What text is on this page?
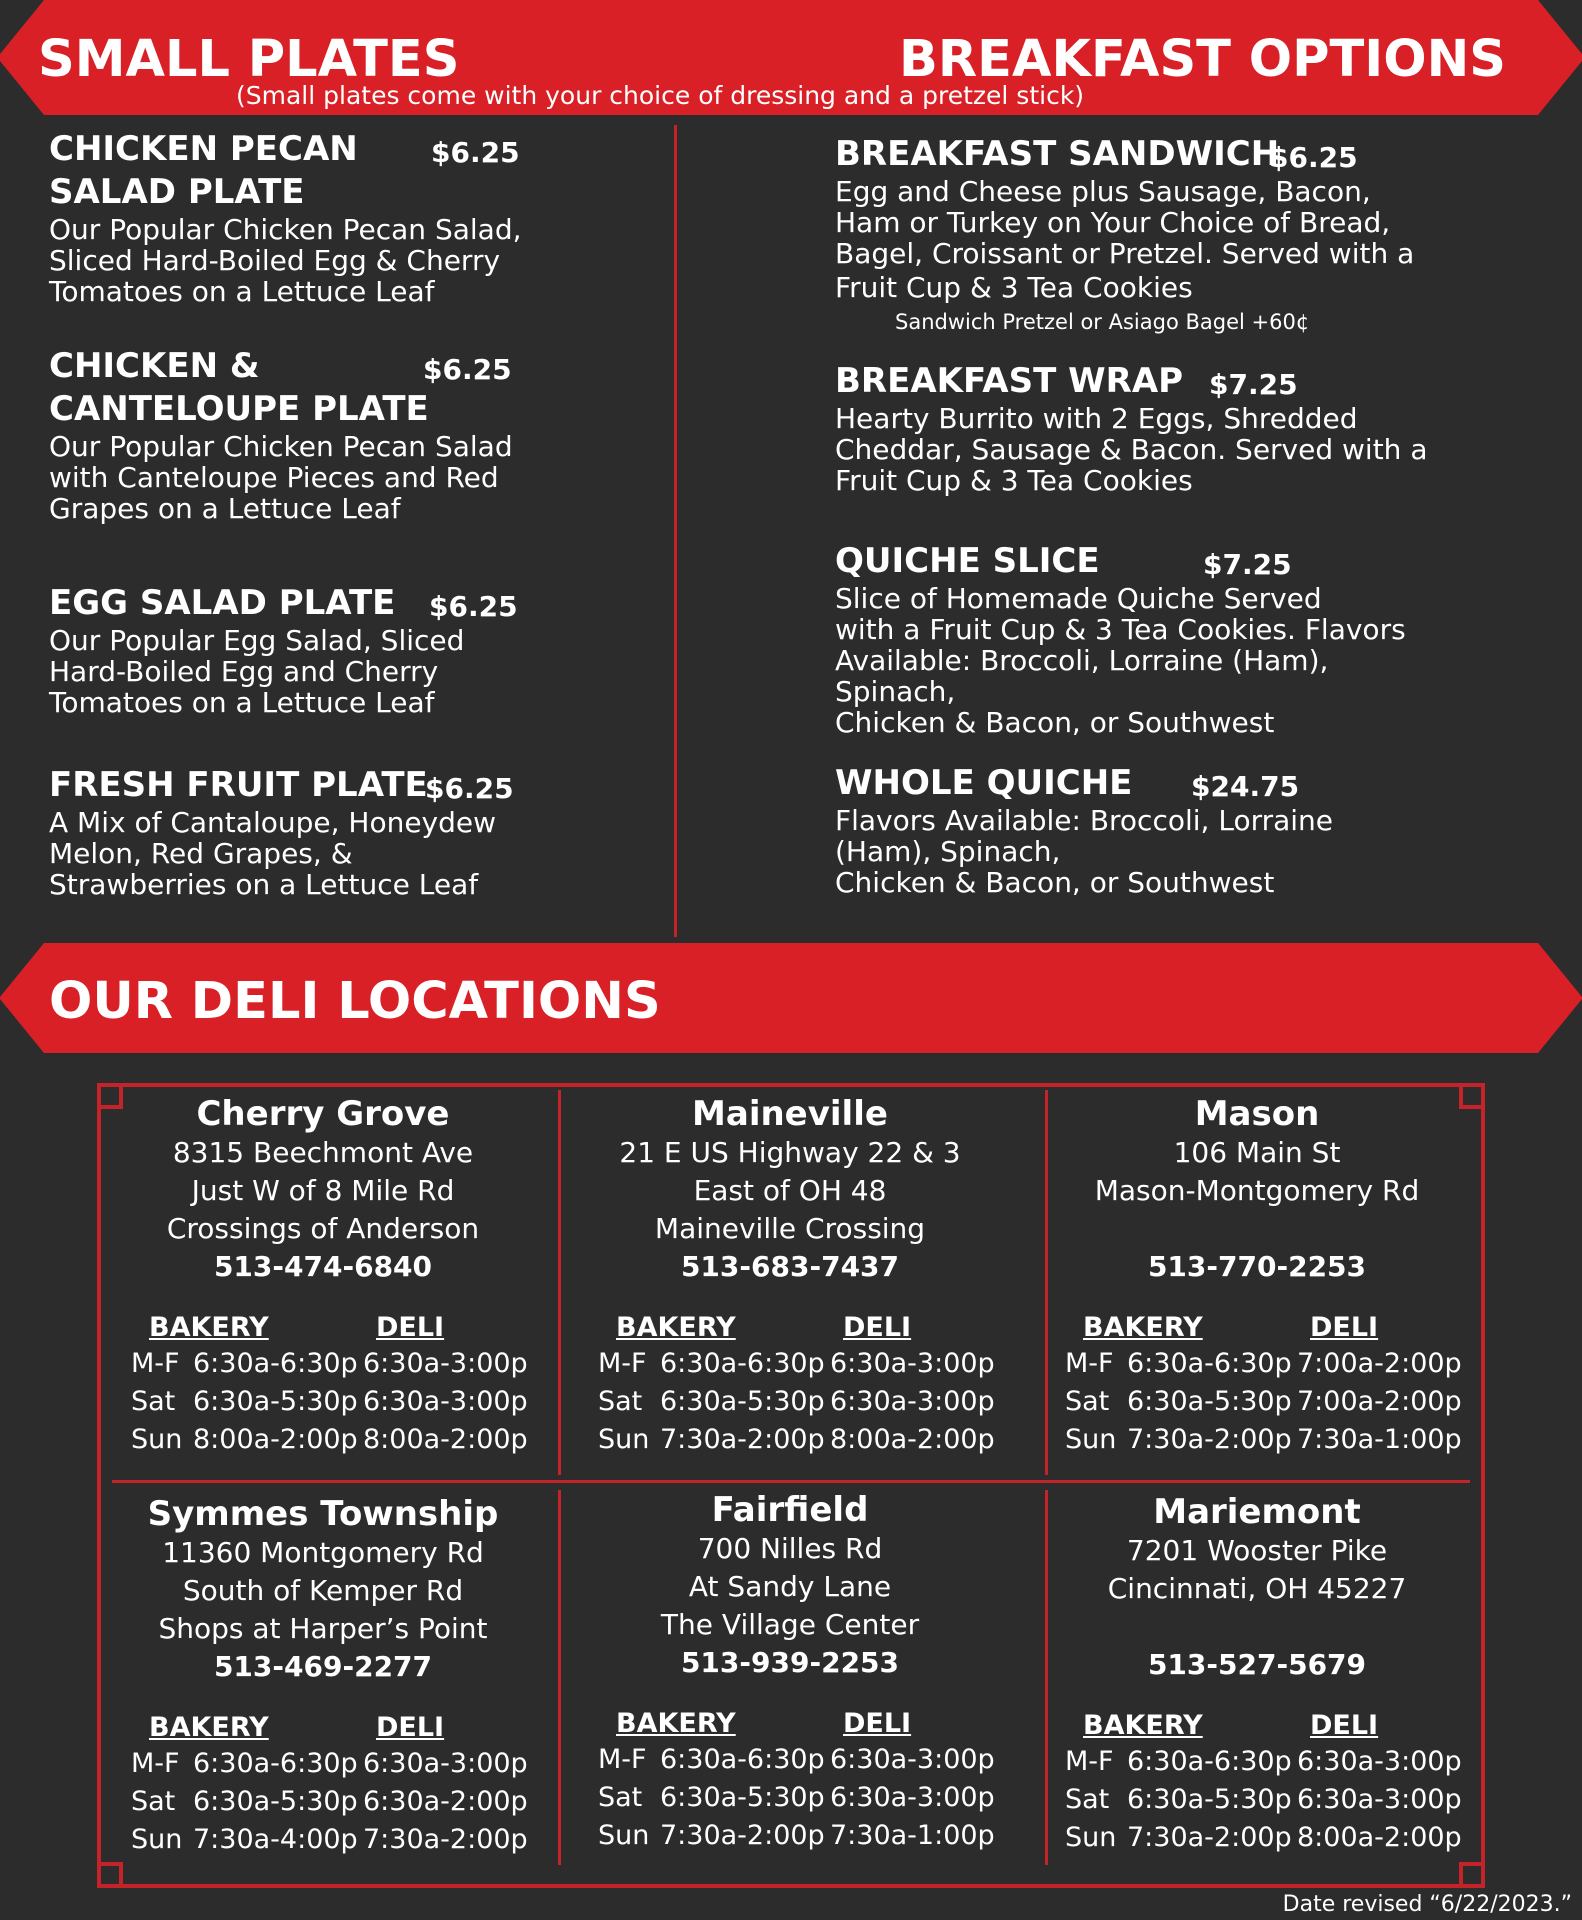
SMALL PLATES	BREAKFAST OPTIONS
(Small plates come with your choice of dressing and a pretzel stick)
CHICKEN PECAN	$6.25
SALAD PLATE
Our Popular Chicken Pecan Salad,
Sliced Hard-Boiled Egg & Cherry
Tomatoes on a Lettuce Leaf
CHICKEN &	$6.25
CANTELOUPE PLATE
Our Popular Chicken Pecan Salad
with Canteloupe Pieces and Red
Grapes on a Lettuce Leaf
EGG SALAD PLATE $6.25
Our Popular Egg Salad, Sliced
Hard-Boiled Egg and Cherry
Tomatoes on a Lettuce Leaf
FRESH FRUIT PLATE
$6.25
A Mix of Cantaloupe, Honeydew
Melon, Red Grapes, &
Strawberries on a Lettuce Leaf
BREAKFAST SANDWICH
$6.25
Egg and Cheese plus Sausage, Bacon,
Ham or Turkey on Your Choice of Bread,
Bagel, Croissant or Pretzel. Served with a
Fruit Cup & 3 Tea Cookies
Sandwich Pretzel or Asiago Bagel +60¢
BREAKFAST WRAP $7.25
Hearty Burrito with 2 Eggs, Shredded
Cheddar, Sausage & Bacon. Served with a
Fruit Cup & 3 Tea Cookies
QUICHE SLICE	$7.25
Slice of Homemade Quiche Served
with a Fruit Cup & 3 Tea Cookies. Flavors
Available: Broccoli, Lorraine (Ham),
Spinach,
Chicken & Bacon, or Southwest
WHOLE QUICHE $24.75
Flavors Available: Broccoli, Lorraine
(Ham), Spinach,
Chicken & Bacon, or Southwest
OUR DELI LOCATIONS
Cherry Grove
8315 Beechmont Ave
Just W of 8 Mile Rd
Crossings of Anderson
513-474-6840
BAKERY	DELI
M-F 6:30a-6:30p 6:30a-3:00p
Sat 6:30a-5:30p 6:30a-3:00p
Sun 8:00a-2:00p 8:00a-2:00p
Maineville
21 E US Highway 22 & 3
East of OH 48
Maineville Crossing
513-683-7437
BAKERY	DELI
M-F 6:30a-6:30p 6:30a-3:00p
Sat 6:30a-5:30p 6:30a-3:00p
Sun 7:30a-2:00p 8:00a-2:00p
Mason
106 Main St
Mason-Montgomery Rd
513-770-2253
BAKERY	DELI
M-F 6:30a-6:30p 7:00a-2:00p
Sat 6:30a-5:30p 7:00a-2:00p
Sun 7:30a-2:00p 7:30a-1:00p
Symmes Township
11360 Montgomery Rd
South of Kemper Rd
Shops at Harper’s Point
513-469-2277
BAKERY	DELI
M-F 6:30a-6:30p 6:30a-3:00p
Sat 6:30a-5:30p 6:30a-2:00p
Sun 7:30a-4:00p 7:30a-2:00p
Fairfield
700 Nilles Rd
At Sandy Lane
The Village Center
513-939-2253
BAKERY	DELI
M-F 6:30a-6:30p 6:30a-3:00p
Sat 6:30a-5:30p 6:30a-3:00p
Sun 7:30a-2:00p 7:30a-1:00p
Mariemont
7201 Wooster Pike
Cincinnati, OH 45227
513-527-5679
BAKERY	DELI
M-F 6:30a-6:30p 6:30a-3:00p
Sat 6:30a-5:30p 6:30a-3:00p
Sun 7:30a-2:00p 8:00a-2:00p
Date revised “6/22/2023.”
